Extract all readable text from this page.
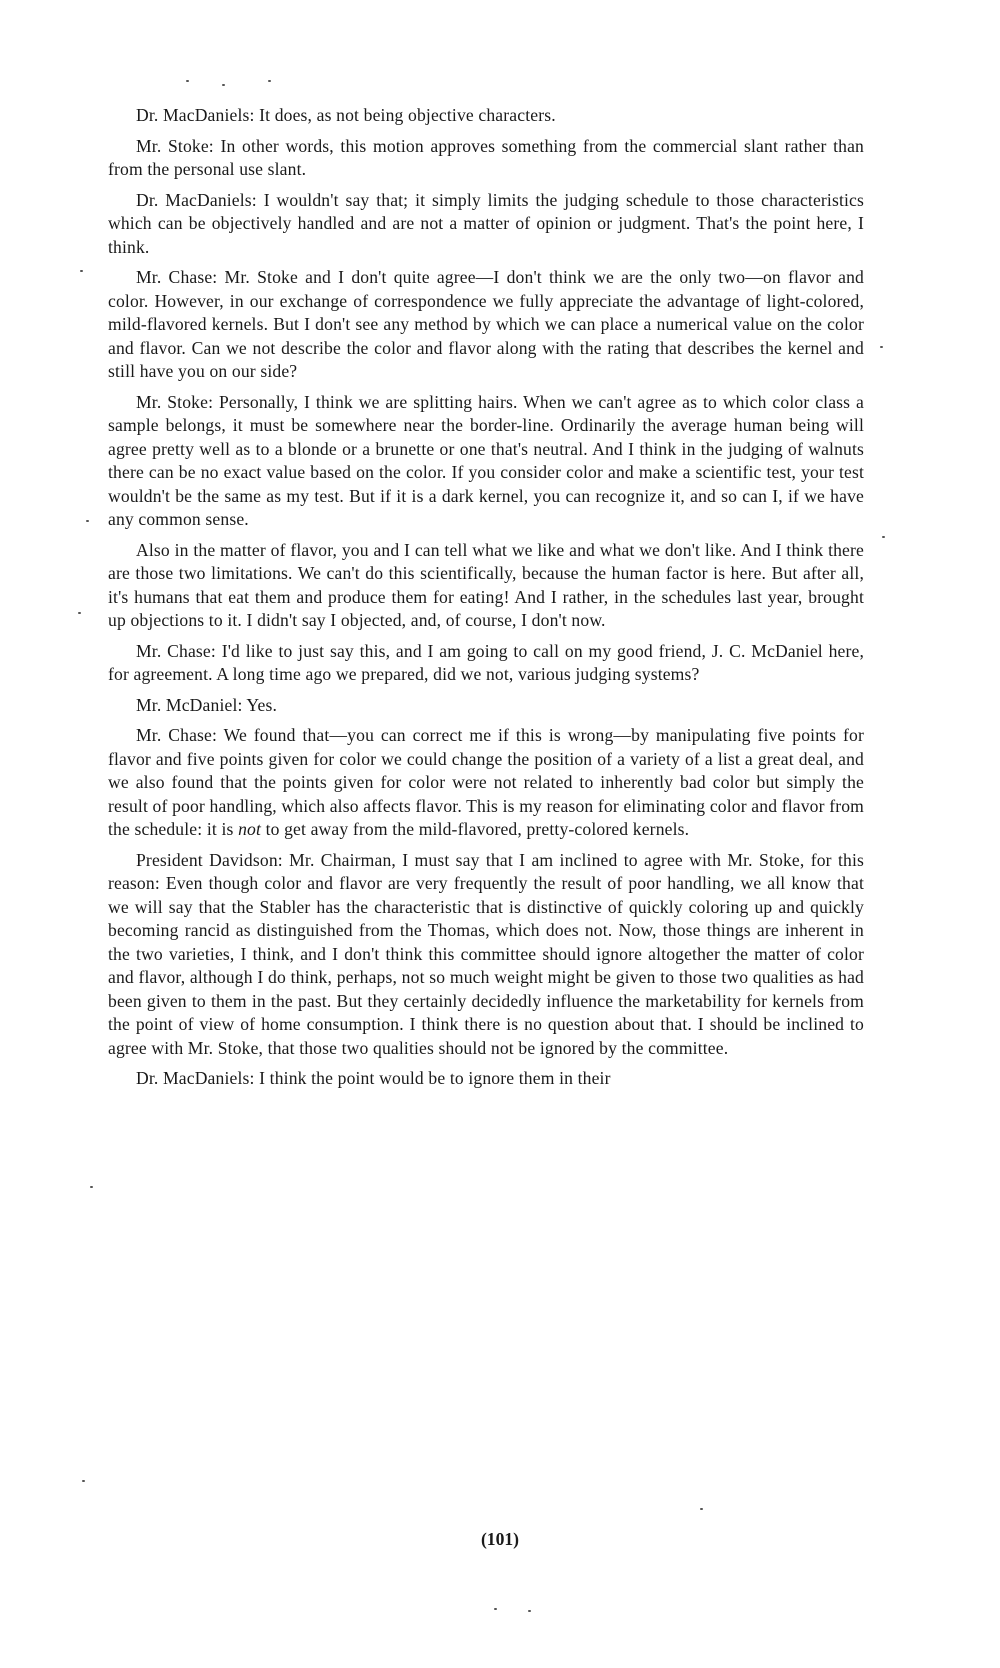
Dr. MacDaniels: It does, as not being objective characters.

Mr. Stoke: In other words, this motion approves something from the commercial slant rather than from the personal use slant.

Dr. MacDaniels: I wouldn't say that; it simply limits the judging schedule to those characteristics which can be objectively handled and are not a matter of opinion or judgment. That's the point here, I think.

Mr. Chase: Mr. Stoke and I don't quite agree—I don't think we are the only two—on flavor and color. However, in our exchange of correspondence we fully appreciate the advantage of light-colored, mild-flavored kernels. But I don't see any method by which we can place a numerical value on the color and flavor. Can we not describe the color and flavor along with the rating that describes the kernel and still have you on our side?

Mr. Stoke: Personally, I think we are splitting hairs. When we can't agree as to which color class a sample belongs, it must be somewhere near the border-line. Ordinarily the average human being will agree pretty well as to a blonde or a brunette or one that's neutral. And I think in the judging of walnuts there can be no exact value based on the color. If you consider color and make a scientific test, your test wouldn't be the same as my test. But if it is a dark kernel, you can recognize it, and so can I, if we have any common sense.

Also in the matter of flavor, you and I can tell what we like and what we don't like. And I think there are those two limitations. We can't do this scientifically, because the human factor is here. But after all, it's humans that eat them and produce them for eating! And I rather, in the schedules last year, brought up objections to it. I didn't say I objected, and, of course, I don't now.

Mr. Chase: I'd like to just say this, and I am going to call on my good friend, J. C. McDaniel here, for agreement. A long time ago we prepared, did we not, various judging systems?

Mr. McDaniel: Yes.

Mr. Chase: We found that—you can correct me if this is wrong—by manipulating five points for flavor and five points given for color we could change the position of a variety of a list a great deal, and we also found that the points given for color were not related to inherently bad color but simply the result of poor handling, which also affects flavor. This is my reason for eliminating color and flavor from the schedule: it is not to get away from the mild-flavored, pretty-colored kernels.

President Davidson: Mr. Chairman, I must say that I am inclined to agree with Mr. Stoke, for this reason: Even though color and flavor are very frequently the result of poor handling, we all know that we will say that the Stabler has the characteristic that is distinctive of quickly coloring up and quickly becoming rancid as distinguished from the Thomas, which does not. Now, those things are inherent in the two varieties, I think, and I don't think this committee should ignore altogether the matter of color and flavor, although I do think, perhaps, not so much weight might be given to those two qualities as had been given to them in the past. But they certainly decidedly influence the marketability for kernels from the point of view of home consumption. I think there is no question about that. I should be inclined to agree with Mr. Stoke, that those two qualities should not be ignored by the committee.

Dr. MacDaniels: I think the point would be to ignore them in their

(101)
